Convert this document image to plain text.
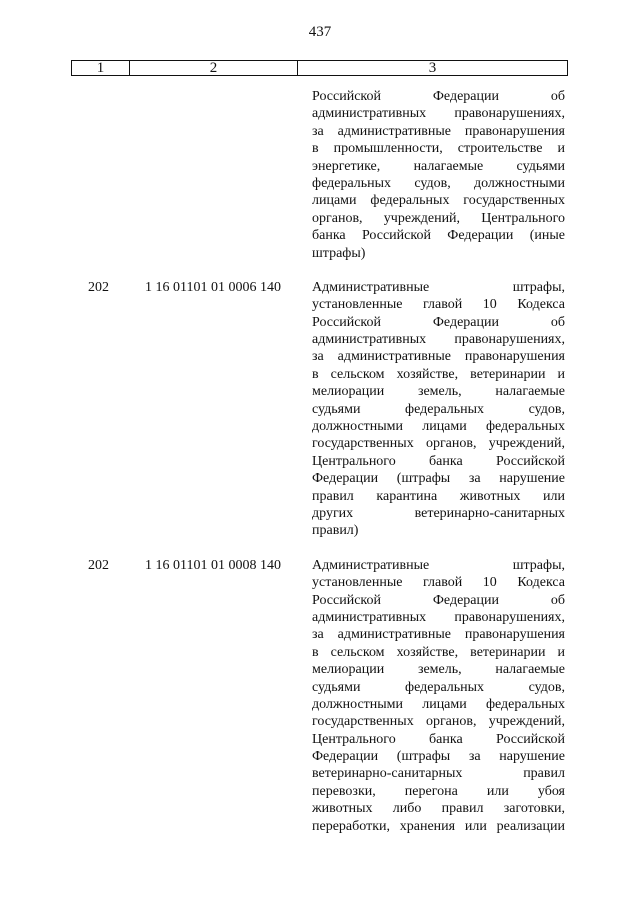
437
1	2	3
Российской Федерации об
административных правонарушениях,
за административные правонарушения
в промышленности, строительстве и
энергетике, налагаемые судьями
федеральных судов, должностными
лицами федеральных государственных
органов, учреждений, Центрального
банка Российской Федерации (иные
штрафы)
202	1 16 01101 01 0006 140	Административные штрафы,
установленные главой 10 Кодекса
Российской Федерации об
административных правонарушениях,
за административные правонарушения
в сельском хозяйстве, ветеринарии и
мелиорации земель, налагаемые
судьями федеральных судов,
должностными лицами федеральных
государственных органов, учреждений,
Центрального банка Российской
Федерации (штрафы за нарушение
правил карантина животных или
других ветеринарно-санитарных
правил)
202	1 16 01101 01 0008 140	Административные штрафы,
установленные главой 10 Кодекса
Российской Федерации об
административных правонарушениях,
за административные правонарушения
в сельском хозяйстве, ветеринарии и
мелиорации земель, налагаемые
судьями федеральных судов,
должностными лицами федеральных
государственных органов, учреждений,
Центрального банка Российской
Федерации (штрафы за нарушение
ветеринарно-санитарных правил
перевозки, перегона или убоя
животных либо правил заготовки,
переработки, хранения или реализации
